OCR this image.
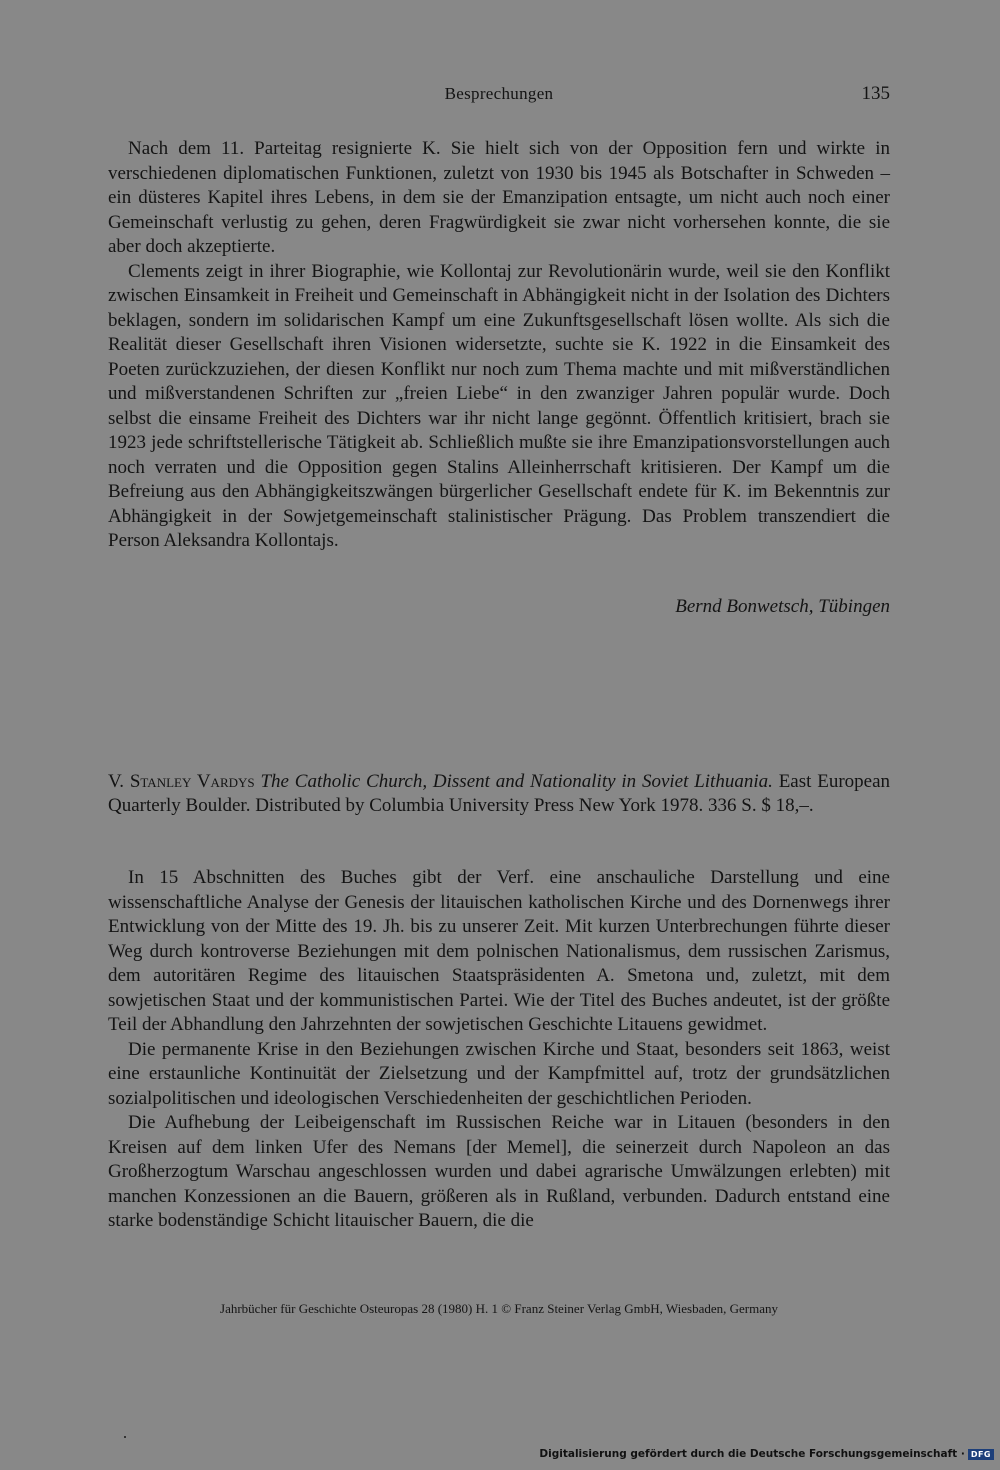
Besprechungen	135

Nach dem 11. Parteitag resignierte K. Sie hielt sich von der Opposition fern und wirkte in verschiedenen diplomatischen Funktionen, zuletzt von 1930 bis 1945 als Botschafter in Schweden – ein düsteres Kapitel ihres Lebens, in dem sie der Emanzipation entsagte, um nicht auch noch einer Gemeinschaft verlustig zu gehen, deren Fragwürdigkeit sie zwar nicht vorhersehen konnte, die sie aber doch akzeptierte.

Clements zeigt in ihrer Biographie, wie Kollontaj zur Revolutionärin wurde, weil sie den Konflikt zwischen Einsamkeit in Freiheit und Gemeinschaft in Abhängigkeit nicht in der Isolation des Dichters beklagen, sondern im solidarischen Kampf um eine Zukunftsgesellschaft lösen wollte. Als sich die Realität dieser Gesellschaft ihren Visionen widersetzte, suchte sie K. 1922 in die Einsamkeit des Poeten zurückzuziehen, der diesen Konflikt nur noch zum Thema machte und mit mißverständlichen und mißverstandenen Schriften zur „freien Liebe“ in den zwanziger Jahren populär wurde. Doch selbst die einsame Freiheit des Dichters war ihr nicht lange gegönnt. Öffentlich kritisiert, brach sie 1923 jede schriftstellerische Tätigkeit ab. Schließlich mußte sie ihre Emanzipationsvorstellungen auch noch verraten und die Opposition gegen Stalins Alleinherrschaft kritisieren. Der Kampf um die Befreiung aus den Abhängigkeitszwängen bürgerlicher Gesellschaft endete für K. im Bekenntnis zur Abhängigkeit in der Sowjetgemeinschaft stalinistischer Prägung. Das Problem transzendiert die Person Aleksandra Kollontajs.

Bernd Bonwetsch, Tübingen
V. Stanley Vardys The Catholic Church, Dissent and Nationality in Soviet Lithuania. East European Quarterly Boulder. Distributed by Columbia University Press New York 1978. 336 S. $ 18,–.

In 15 Abschnitten des Buches gibt der Verf. eine anschauliche Darstellung und eine wissenschaftliche Analyse der Genesis der litauischen katholischen Kirche und des Dornenwegs ihrer Entwicklung von der Mitte des 19. Jh. bis zu unserer Zeit. Mit kurzen Unterbrechungen führte dieser Weg durch kontroverse Beziehungen mit dem polnischen Nationalismus, dem russischen Zarismus, dem autoritären Regime des litauischen Staatspräsidenten A. Smetona und, zuletzt, mit dem sowjetischen Staat und der kommunistischen Partei. Wie der Titel des Buches andeutet, ist der größte Teil der Abhandlung den Jahrzehnten der sowjetischen Geschichte Litauens gewidmet.

Die permanente Krise in den Beziehungen zwischen Kirche und Staat, besonders seit 1863, weist eine erstaunliche Kontinuität der Zielsetzung und der Kampfmittel auf, trotz der grundsätzlichen sozialpolitischen und ideologischen Verschiedenheiten der geschichtlichen Perioden.

Die Aufhebung der Leibeigenschaft im Russischen Reiche war in Litauen (besonders in den Kreisen auf dem linken Ufer des Nemans [der Memel], die seinerzeit durch Napoleon an das Großherzogtum Warschau angeschlossen wurden und dabei agrarische Umwälzungen erlebten) mit manchen Konzessionen an die Bauern, größeren als in Rußland, verbunden. Dadurch entstand eine starke bodenständige Schicht litauischer Bauern, die die

Jahrbücher für Geschichte Osteuropas 28 (1980) H. 1 © Franz Steiner Verlag GmbH, Wiesbaden, Germany
Digitalisierung gefördert durch die Deutsche Forschungsgemeinschaft · DFG
